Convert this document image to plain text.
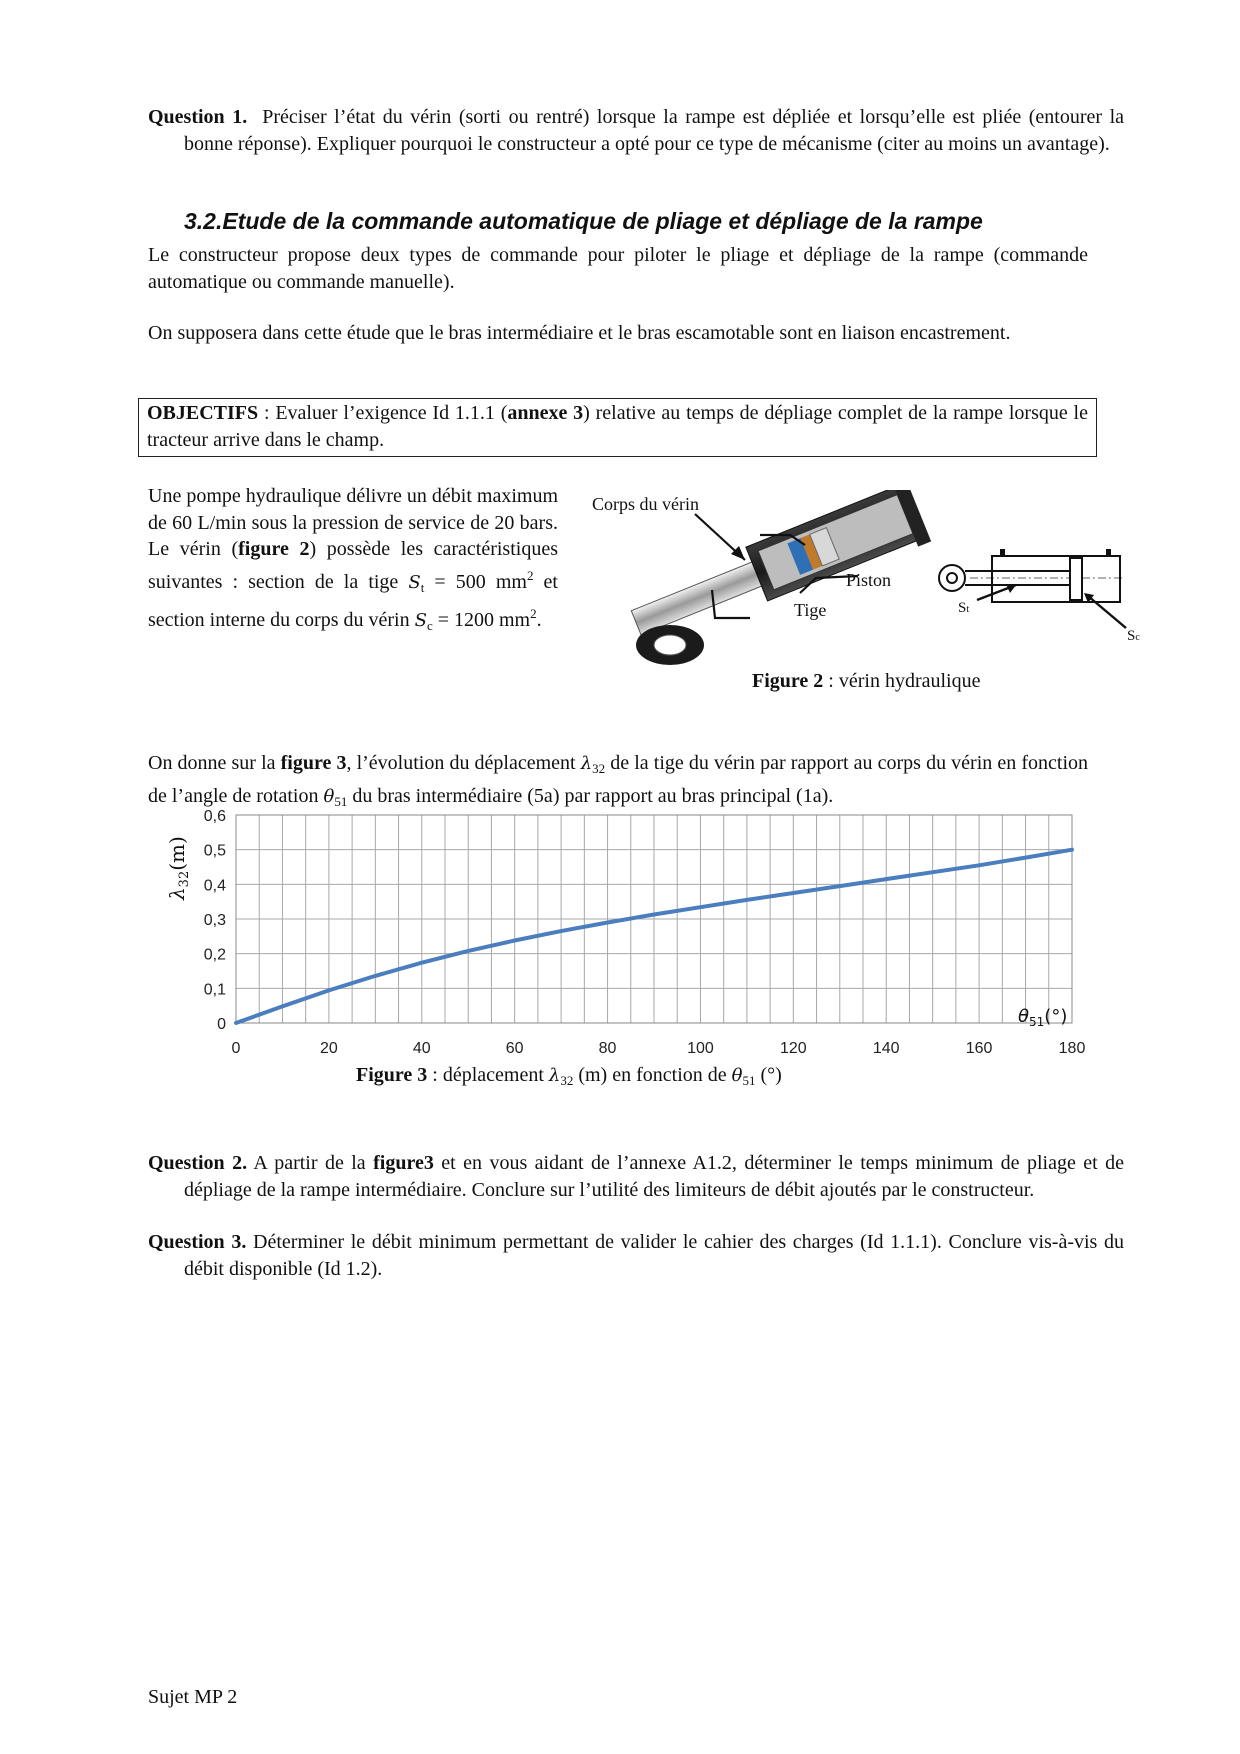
Question 1. Préciser l’état du vérin (sorti ou rentré) lorsque la rampe est dépliée et lorsqu’elle est pliée (entourer la bonne réponse). Expliquer pourquoi le constructeur a opté pour ce type de mécanisme (citer au moins un avantage).
3.2.Etude de la commande automatique de pliage et dépliage de la rampe
Le constructeur propose deux types de commande pour piloter le pliage et dépliage de la rampe (commande automatique ou commande manuelle).
On supposera dans cette étude que le bras intermédiaire et le bras escamotable sont en liaison encastrement.
OBJECTIFS : Evaluer l’exigence Id 1.1.1 (annexe 3) relative au temps de dépliage complet de la rampe lorsque le tracteur arrive dans le champ.
Une pompe hydraulique délivre un débit maximum de 60 L/min sous la pression de service de 20 bars. Le vérin (figure 2) possède les caractéristiques suivantes : section de la tige $S_t = 500$ $mm^2$ et section interne du corps du vérin $S_c = 1200$ $mm^2$.
Corps du vérin
Piston
Tige	St
Sc
Figure 2 : vérin hydraulique
On donne sur la figure 3, l’évolution du déplacement $\lambda_{32}$ de la tige du vérin par rapport au corps du vérin en fonction de l’angle de rotation $\theta_{51}$ du bras intermédiaire (5a) par rapport au bras principal (1a).
0
0,1
0,2
0,3
0,4
0,5
0,6
0	20	40	60	80	100	120	140	160	180
$\lambda_{32}(m)$
$\theta_{51}(^\circ)$
Figure 3 : déplacement $\lambda_{32}$ (m) en fonction de $\theta_{51}$ (°)
Question 2. A partir de la figure3 et en vous aidant de l’annexe A1.2, déterminer le temps minimum de pliage et de dépliage de la rampe intermédiaire. Conclure sur l’utilité des limiteurs de débit ajoutés par le constructeur.
Question 3. Déterminer le débit minimum permettant de valider le cahier des charges (Id 1.1.1). Conclure vis-à-vis du débit disponible (Id 1.2).
Sujet MP 2
